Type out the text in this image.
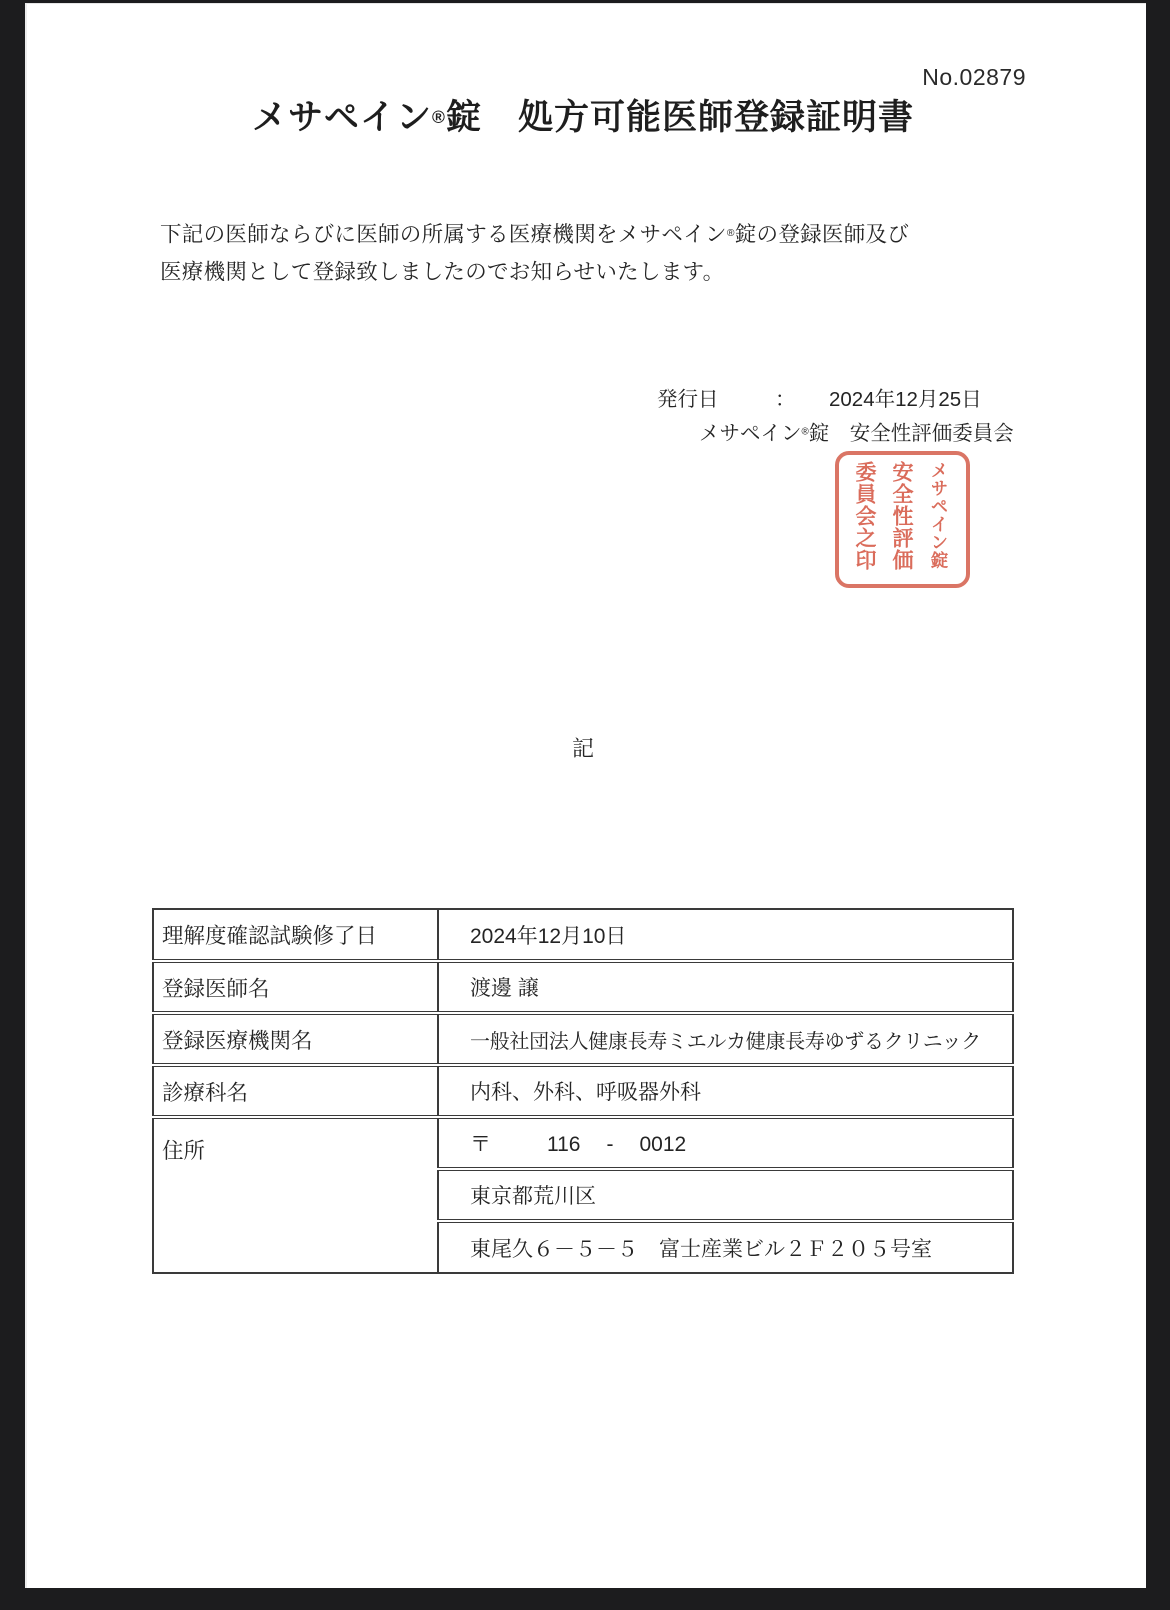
No.02879
メサペイン®錠　処方可能医師登録証明書
下記の医師ならびに医師の所属する医療機関をメサペイン®錠の登録医師及び
医療機関として登録致しましたのでお知らせいたします。
発行日	： 2024年12月25日
メサペイン®錠　安全性評価委員会
メサペイン錠
安全性評価
委員会之印
記
理解度確認試験修了日	2024年12月10日
登録医師名	渡邊 譲
登録医療機関名	一般社団法人健康長寿ミエルカ健康長寿ゆずるクリニック
診療科名	内科、外科、呼吸器外科
住所	〒 116 - 0012
	東京都荒川区
	東尾久６－５－５　富士産業ビル２Ｆ２０５号室
